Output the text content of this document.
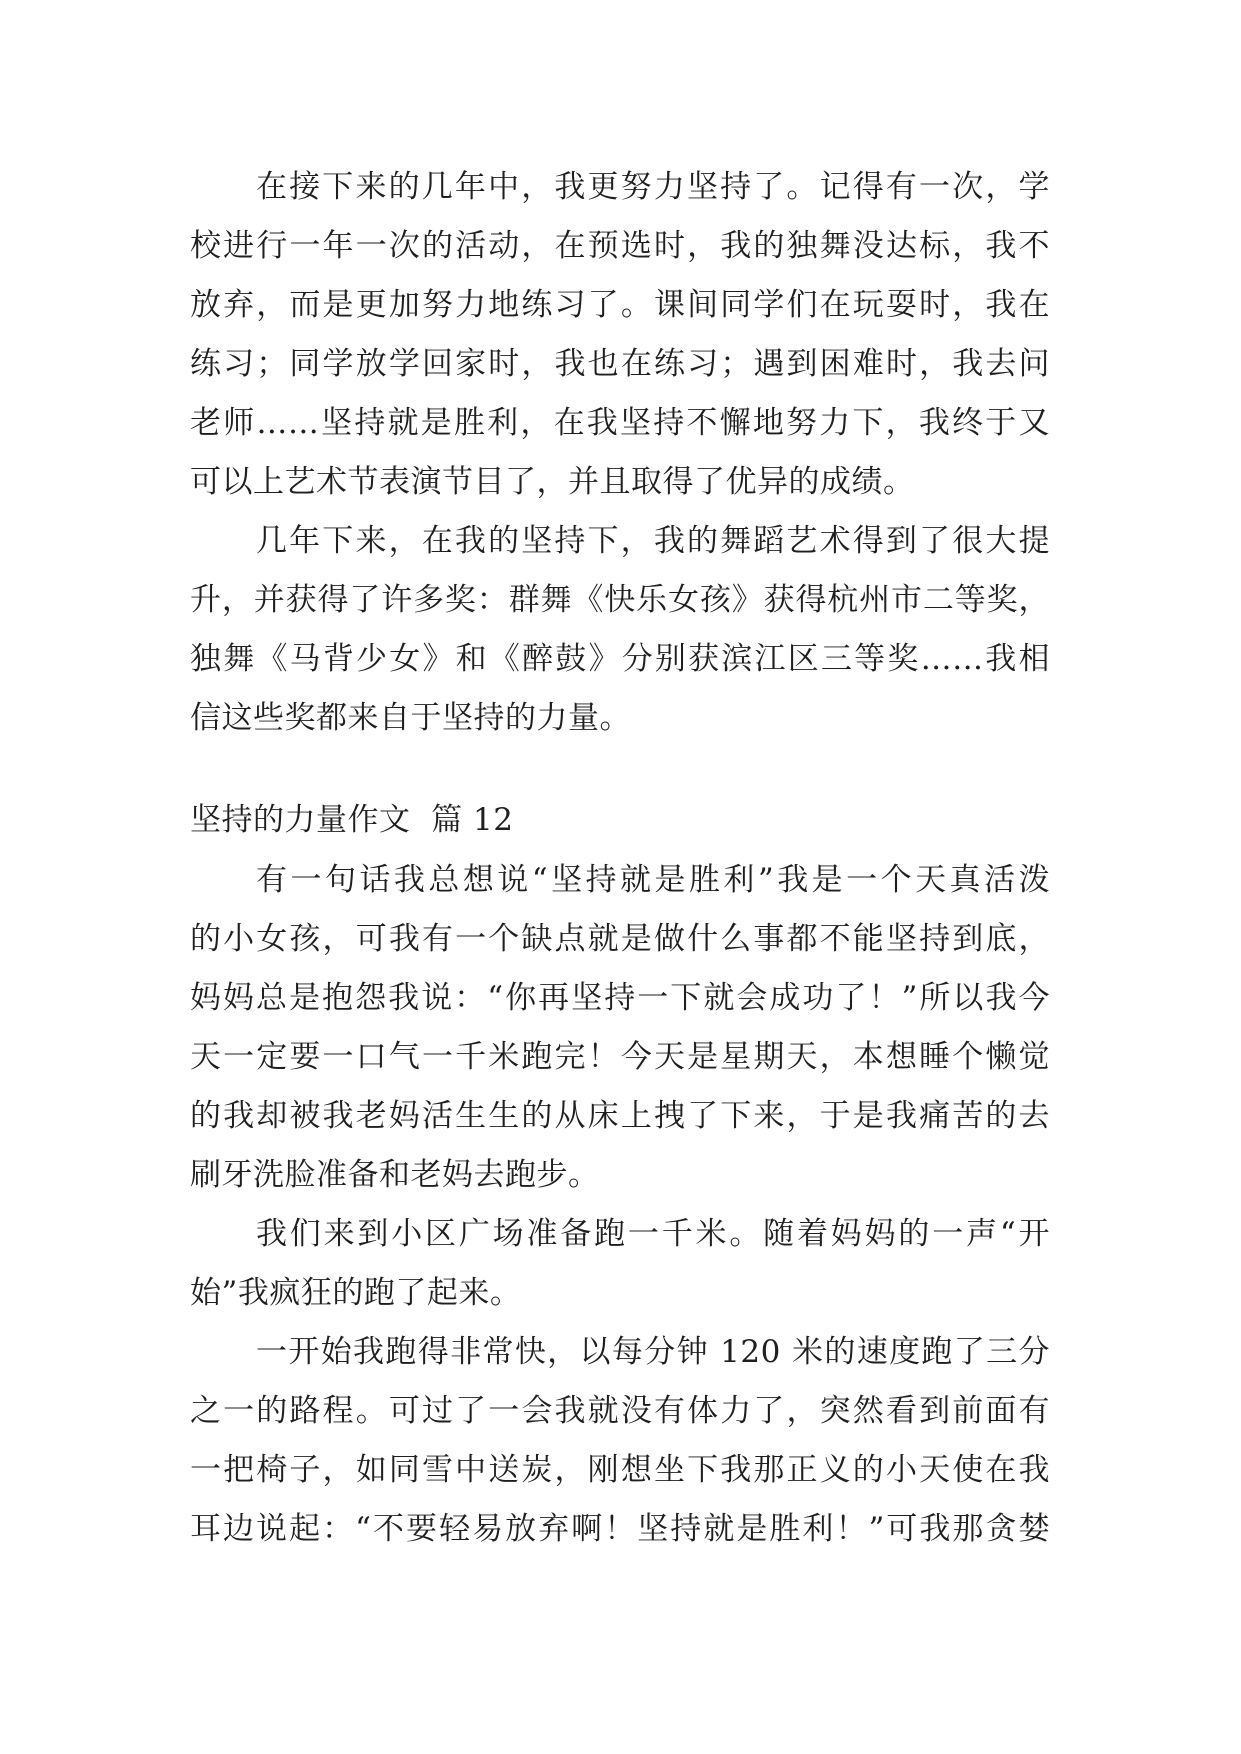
在接下来的几年中，我更努力坚持了。记得有一次，学

校进行一年一次的活动，在预选时，我的独舞没达标，我不

放弃，而是更加努力地练习了。课间同学们在玩耍时，我在

练习；同学放学回家时，我也在练习；遇到困难时，我去问

老师……坚持就是胜利，在我坚持不懈地努力下，我终于又

可以上艺术节表演节目了，并且取得了优异的成绩。

几年下来，在我的坚持下，我的舞蹈艺术得到了很大提

升，并获得了许多奖：群舞《快乐女孩》获得杭州市二等奖，

独舞《马背少女》和《醉鼓》分别获滨江区三等奖……我相

信这些奖都来自于坚持的力量。

坚持的力量作文  篇 12

有一句话我总想说“坚持就是胜利”我是一个天真活泼

的小女孩，可我有一个缺点就是做什么事都不能坚持到底，

妈妈总是抱怨我说：“你再坚持一下就会成功了！”所以我今

天一定要一口气一千米跑完！今天是星期天，本想睡个懒觉

的我却被我老妈活生生的从床上拽了下来，于是我痛苦的去

刷牙洗脸准备和老妈去跑步。

我们来到小区广场准备跑一千米。随着妈妈的一声“开

始”我疯狂的跑了起来。

一开始我跑得非常快，以每分钟 120 米的速度跑了三分

之一的路程。可过了一会我就没有体力了，突然看到前面有

一把椅子，如同雪中送炭，刚想坐下我那正义的小天使在我

耳边说起：“不要轻易放弃啊！坚持就是胜利！”可我那贪婪
